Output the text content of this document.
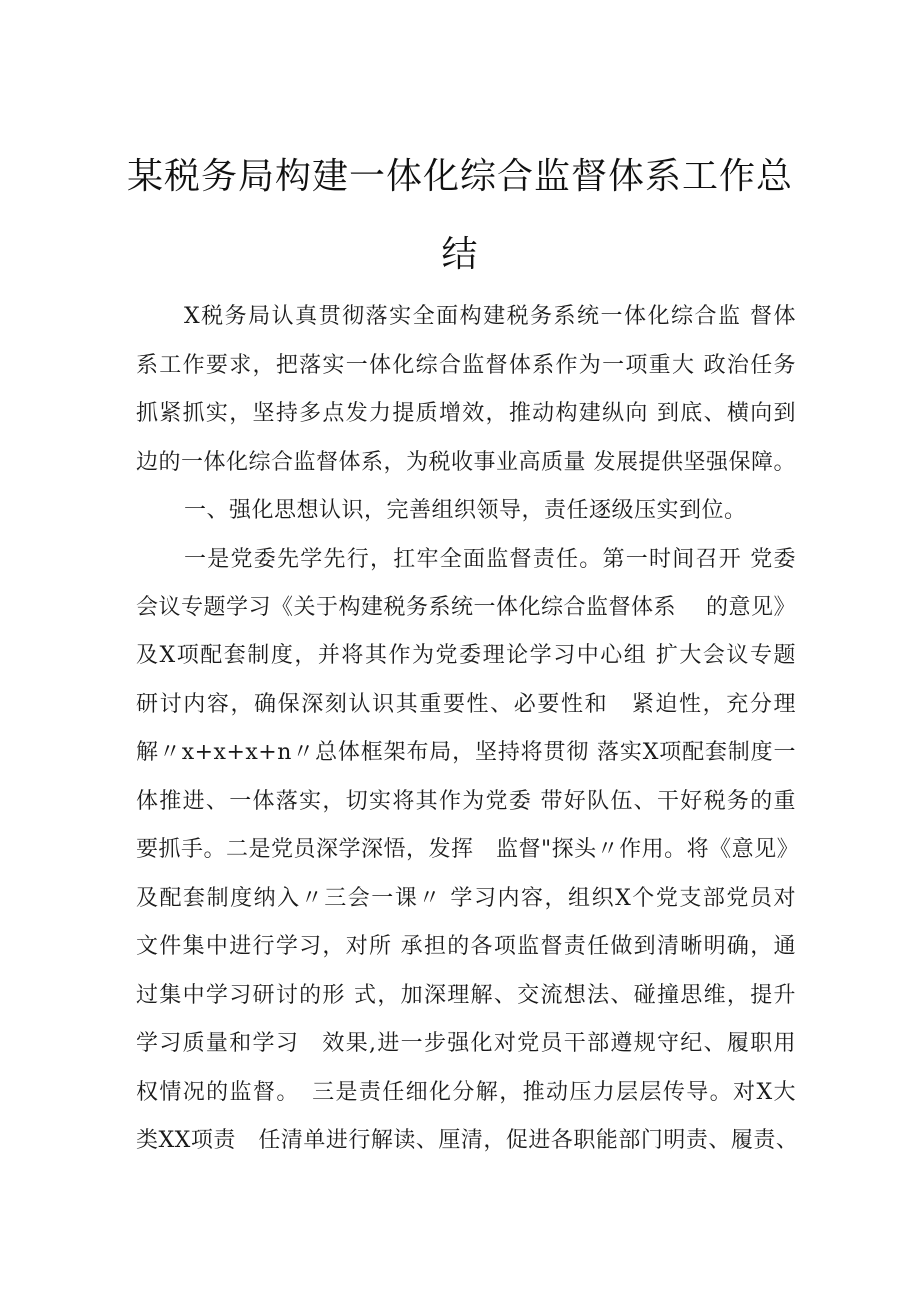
某税务局构建一体化综合监督体系工作总
结
X税务局认真贯彻落实全面构建税务系统一体化综合监 督体
系工作要求，把落实一体化综合监督体系作为一项重大 政治任务
抓紧抓实，坚持多点发力提质增效，推动构建纵向 到底、横向到
边的一体化综合监督体系，为税收事业高质量 发展提供坚强保障。
一、强化思想认识，完善组织领导，责任逐级压实到位。
一是党委先学先行，扛牢全面监督责任。第一时间召开 党委
会议专题学习《关于构建税务系统一体化综合监督体系　 的意见》
及X项配套制度，并将其作为党委理论学习中心组 扩大会议专题
研讨内容，确保深刻认识其重要性、必要性和　紧迫性，充分理
解〃x+x+x+n〃总体框架布局，坚持将贯彻 落实X项配套制度一
体推进、一体落实，切实将其作为党委 带好队伍、干好税务的重
要抓手。二是党员深学深悟，发挥　监督"探头〃作用。将《意见》
及配套制度纳入〃三会一课〃 学习内容，组织X个党支部党员对
文件集中进行学习，对所 承担的各项监督责任做到清晰明确，通
过集中学习研讨的形 式，加深理解、交流想法、碰撞思维，提升
学习质量和学习　效果,进一步强化对党员干部遵规守纪、履职用
权情况的监督。　三是责任细化分解，推动压力层层传导。对X大
类XX项责　任清单进行解读、厘清，促进各职能部门明责、履责、
